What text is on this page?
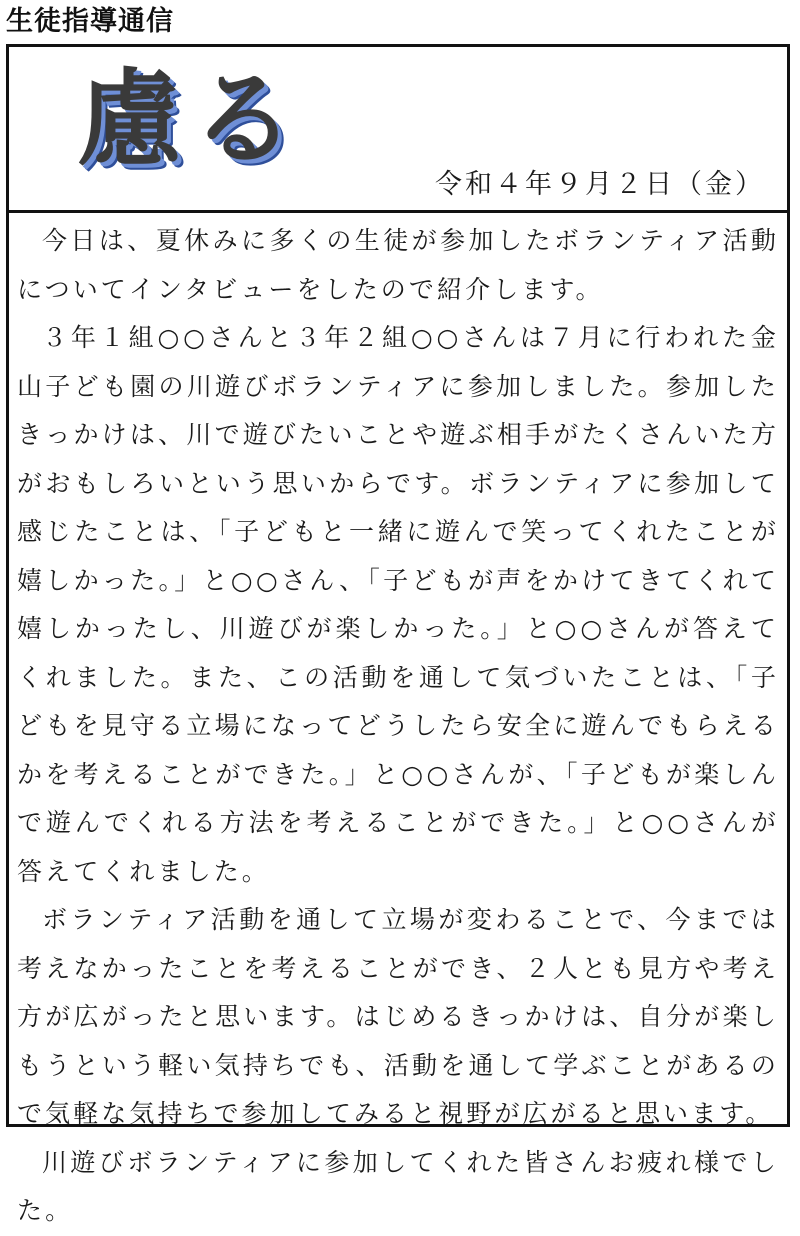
生徒指導通信
慮る
令和４年９月２日（金）

今日は、夏休みに多くの生徒が参加したボランティア活動についてインタビューをしたので紹介します。

３年１組○○さんと３年２組○○さんは７月に行われた金山子ども園の川遊びボランティアに参加しました。参加したきっかけは、川で遊びたいことや遊ぶ相手がたくさんいた方がおもしろいという思いからです。ボランティアに参加して感じたことは、「子どもと一緒に遊んで笑ってくれたことが嬉しかった。」と○○さん、「子どもが声をかけてきてくれて嬉しかったし、川遊びが楽しかった。」と○○さんが答えてくれました。また、この活動を通して気づいたことは、「子どもを見守る立場になってどうしたら安全に遊んでもらえるかを考えることができた。」と○○さんが、「子どもが楽しんで遊んでくれる方法を考えることができた。」と○○さんが答えてくれました。

ボランティア活動を通して立場が変わることで、今までは考えなかったことを考えることができ、２人とも見方や考え方が広がったと思います。はじめるきっかけは、自分が楽しもうという軽い気持ちでも、活動を通して学ぶことがあるので気軽な気持ちで参加してみると視野が広がると思います。

川遊びボランティアに参加してくれた皆さんお疲れ様でした。
